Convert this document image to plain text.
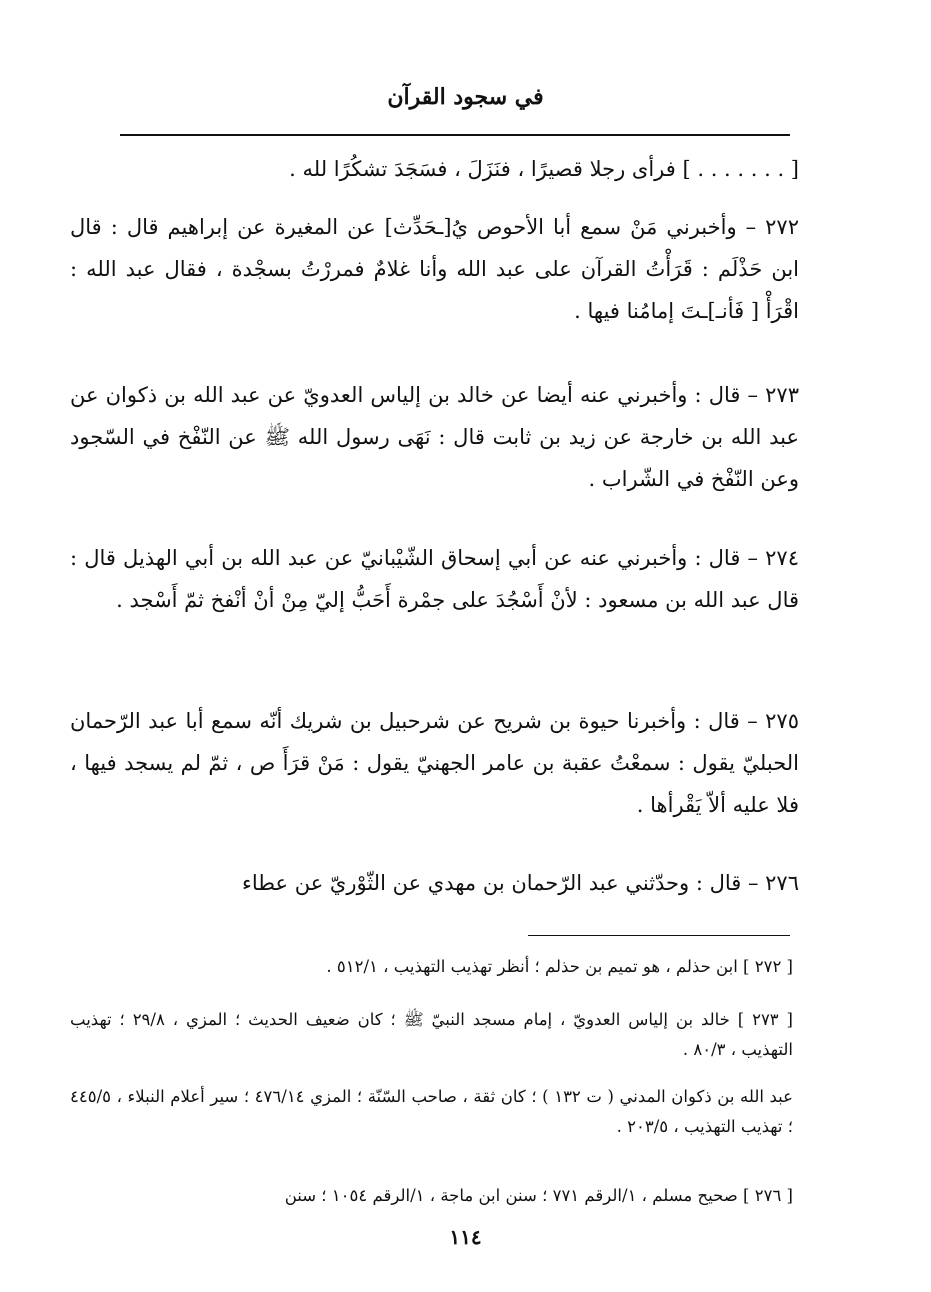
في سجود القرآن
[ . . . . . . . ] فرأى رجلا قصيرًا ، فنَزَلَ ، فسَجَدَ تشكُرًا لله .

٢٧٢ – وأخبرني مَنْ سمع أبا الأحوص يُ[ـحَدِّث] عن المغيرة عن إبراهيم قال : قال ابن حَذْلَم : قَرَأْتُ القرآن على عبد الله وأنا غلامٌ فمررْتُ بسجْدة ، فقال عبد الله : اقْرَأْ [ فَأنـ]ـتَ إمامُنا فيها .

٢٧٣ – قال : وأخبرني عنه أيضا عن خالد بن إلياس العدويّ عن عبد الله بن ذكوان عن عبد الله بن خارجة عن زيد بن ثابت قال : نَهَى رسول الله ﷺ عن النّفْخ في السّجود وعن النّفْخ في الشّراب .

٢٧٤ – قال : وأخبرني عنه عن أبي إسحاق الشّيْبانيّ عن عبد الله بن أبي الهذيل قال : قال عبد الله بن مسعود : لأنْ أَسْجُدَ على جمْرة أَحَبُّ إليّ مِنْ أنْ أنْفخ ثمّ أَسْجد .

٢٧٥ – قال : وأخبرنا حيوة بن شريح عن شرحبيل بن شريك أنّه سمع أبا عبد الرّحمان الحبليّ يقول : سمعْتُ عقبة بن عامر الجهنيّ يقول : مَنْ قرَأَ ص ، ثمّ لم يسجد فيها ، فلا عليه ألاّ يَقْرأها .

٢٧٦ – قال : وحدّثني عبد الرّحمان بن مهدي عن الثّوْريّ عن عطاء

[ ٢٧٢ ] ابن حذلم ، هو تميم بن حذلم ؛ أنظر تهذيب التهذيب ، ٥١٢/١ .

[ ٢٧٣ ] خالد بن إلياس العدويّ ، إمام مسجد النبيّ ﷺ ؛ كان ضعيف الحديث ؛ المزي ، ٢٩/٨ ؛ تهذيب التهذيب ، ٨٠/٣ .

عبد الله بن ذكوان المدني ( ت ١٣٢ ) ؛ كان ثقة ، صاحب السّنّة ؛ المزي ٤٧٦/١٤ ؛ سير أعلام النبلاء ، ٤٤٥/٥ ؛ تهذيب التهذيب ، ٢٠٣/٥ .

[ ٢٧٦ ] صحيح مسلم ، ١/الرقم ٧٧١ ؛ سنن ابن ماجة ، ١/الرقم ١٠٥٤ ؛ سنن

١١٤
